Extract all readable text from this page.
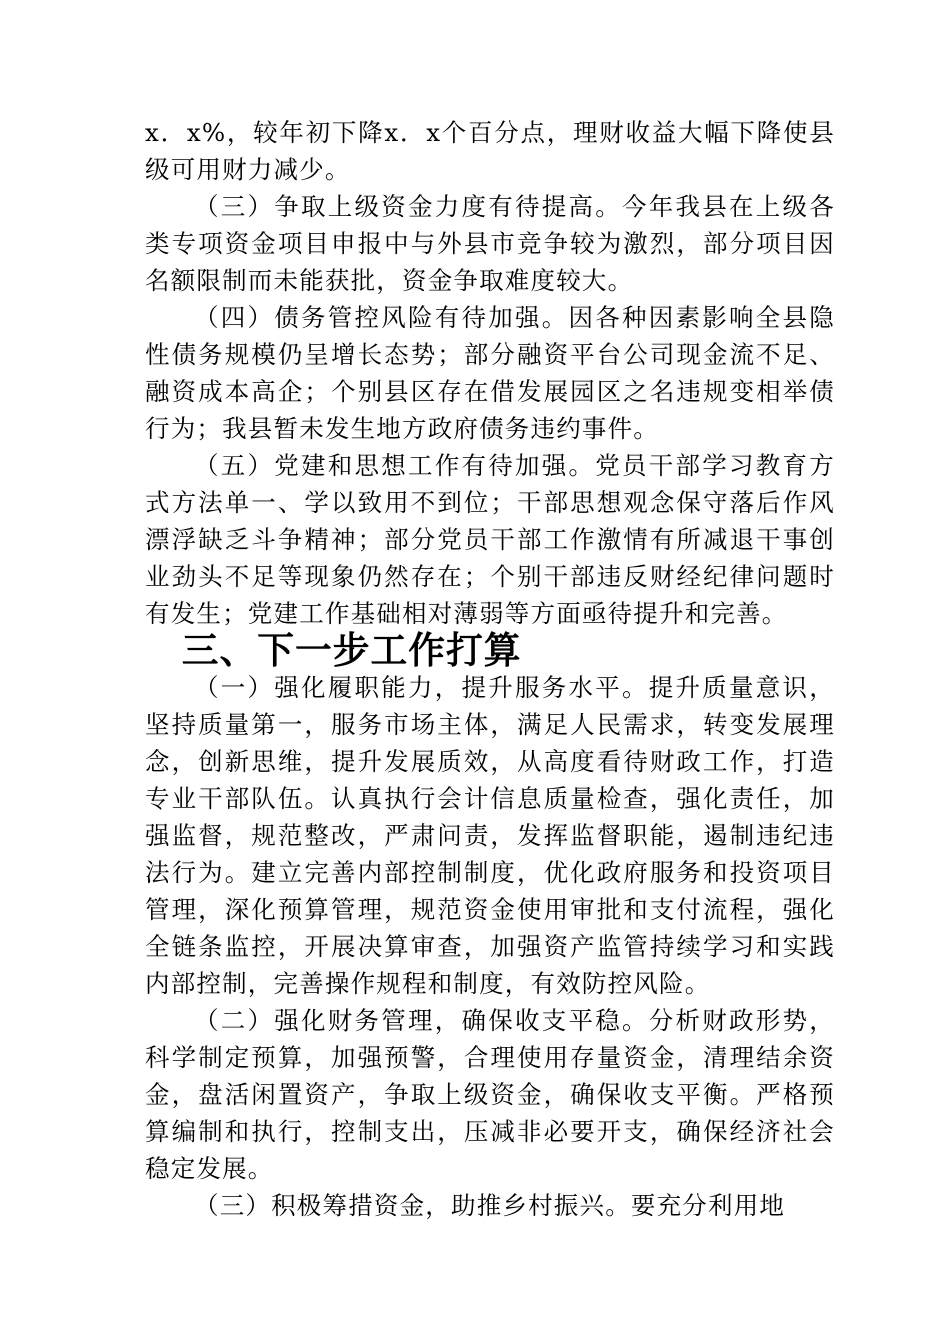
x．x%，较年初下降x．x个百分点，理财收益大幅下降使县级可用财力减少。

（三）争取上级资金力度有待提高。今年我县在上级各类专项资金项目申报中与外县市竞争较为激烈，部分项目因名额限制而未能获批，资金争取难度较大。

（四）债务管控风险有待加强。因各种因素影响全县隐性债务规模仍呈增长态势；部分融资平台公司现金流不足、融资成本高企；个别县区存在借发展园区之名违规变相举债行为；我县暂未发生地方政府债务违约事件。

（五）党建和思想工作有待加强。党员干部学习教育方式方法单一、学以致用不到位；干部思想观念保守落后作风漂浮缺乏斗争精神；部分党员干部工作激情有所减退干事创业劲头不足等现象仍然存在；个别干部违反财经纪律问题时有发生；党建工作基础相对薄弱等方面亟待提升和完善。

三、下一步工作打算

（一）强化履职能力，提升服务水平。提升质量意识，坚持质量第一，服务市场主体，满足人民需求，转变发展理念，创新思维，提升发展质效，从高度看待财政工作，打造专业干部队伍。认真执行会计信息质量检查，强化责任，加强监督，规范整改，严肃问责，发挥监督职能，遏制违纪违法行为。建立完善内部控制制度，优化政府服务和投资项目管理，深化预算管理，规范资金使用审批和支付流程，强化全链条监控，开展决算审查，加强资产监管持续学习和实践内部控制，完善操作规程和制度，有效防控风险。

（二）强化财务管理，确保收支平稳。分析财政形势，科学制定预算，加强预警，合理使用存量资金，清理结余资金，盘活闲置资产，争取上级资金，确保收支平衡。严格预算编制和执行，控制支出，压减非必要开支，确保经济社会稳定发展。

（三）积极筹措资金，助推乡村振兴。要充分利用地
